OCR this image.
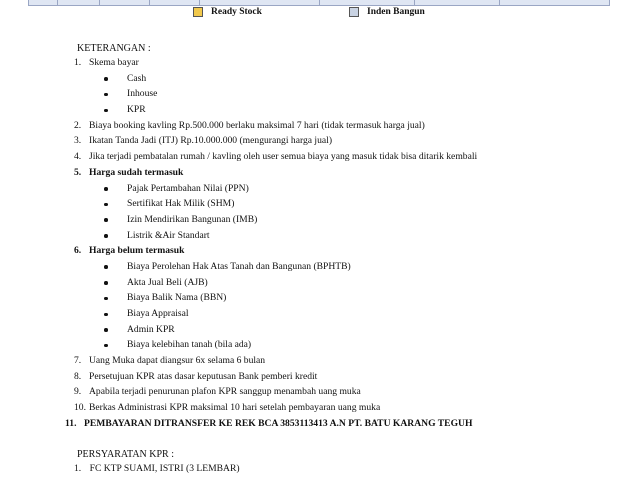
Ready Stock	Inden Bangun
KETERANGAN :
1. Skema bayar
Cash
Inhouse
KPR
2. Biaya booking kavling Rp.500.000 berlaku maksimal 7 hari (tidak termasuk harga jual)
3. Ikatan Tanda Jadi (ITJ) Rp.10.000.000 (mengurangi harga jual)
4. Jika terjadi pembatalan rumah / kavling oleh user semua biaya yang masuk tidak bisa ditarik kembali
5. Harga sudah termasuk
Pajak Pertambahan Nilai (PPN)
Sertifikat Hak Milik (SHM)
Izin Mendirikan Bangunan (IMB)
Listrik &Air Standart
6. Harga belum termasuk
Biaya Perolehan Hak Atas Tanah dan Bangunan (BPHTB)
Akta Jual Beli (AJB)
Biaya Balik Nama (BBN)
Biaya Appraisal
Admin KPR
Biaya kelebihan tanah (bila ada)
7. Uang Muka dapat diangsur 6x selama 6 bulan
8. Persetujuan KPR atas dasar keputusan Bank pemberi kredit
9. Apabila terjadi penurunan plafon KPR sanggup menambah uang muka
10. Berkas Administrasi KPR maksimal 10 hari setelah pembayaran uang muka
11. PEMBAYARAN DITRANSFER KE REK BCA 3853113413 A.N PT. BATU KARANG TEGUH
PERSYARATAN KPR :
1. FC KTP SUAMI, ISTRI (3 LEMBAR)
